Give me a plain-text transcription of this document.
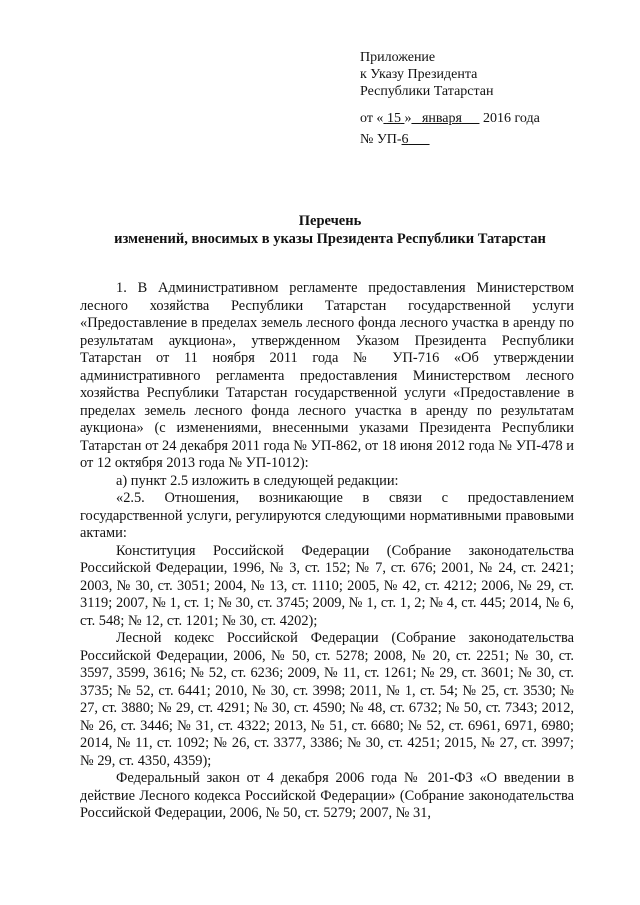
Приложение
к Указу Президента
Республики Татарстан
от « 15 » января 2016 года
№ УП-6
Перечень
изменений, вносимых в указы Президента Республики Татарстан

1. В Административном регламенте предоставления Министерством лесного хозяйства Республики Татарстан государственной услуги «Предоставление в пределах земель лесного фонда лесного участка в аренду по результатам аукциона», утвержденном Указом Президента Республики Татарстан от 11 ноября 2011 года № УП-716 «Об утверждении административного регламента предоставления Министерством лесного хозяйства Республики Татарстан государственной услуги «Предоставление в пределах земель лесного фонда лесного участка в аренду по результатам аукциона» (с изменениями, внесенными указами Президента Республики Татарстан от 24 декабря 2011 года № УП-862, от 18 июня 2012 года № УП-478 и от 12 октября 2013 года № УП-1012):

а) пункт 2.5 изложить в следующей редакции:

«2.5. Отношения, возникающие в связи с предоставлением государственной услуги, регулируются следующими нормативными правовыми актами:

Конституция Российской Федерации (Собрание законодательства Российской Федерации, 1996, № 3, ст. 152; № 7, ст. 676; 2001, № 24, ст. 2421; 2003, № 30, ст. 3051; 2004, № 13, ст. 1110; 2005, № 42, ст. 4212; 2006, № 29, ст. 3119; 2007, № 1, ст. 1; № 30, ст. 3745; 2009, № 1, ст. 1, 2; № 4, ст. 445; 2014, № 6, ст. 548; № 12, ст. 1201; № 30, ст. 4202);

Лесной кодекс Российской Федерации (Собрание законодательства Российской Федерации, 2006, № 50, ст. 5278; 2008, № 20, ст. 2251; № 30, ст. 3597, 3599, 3616; № 52, ст. 6236; 2009, № 11, ст. 1261; № 29, ст. 3601; № 30, ст. 3735; № 52, ст. 6441; 2010, № 30, ст. 3998; 2011, № 1, ст. 54; № 25, ст. 3530; № 27, ст. 3880; № 29, ст. 4291; № 30, ст. 4590; № 48, ст. 6732; № 50, ст. 7343; 2012, № 26, ст. 3446; № 31, ст. 4322; 2013, № 51, ст. 6680; № 52, ст. 6961, 6971, 6980; 2014, № 11, ст. 1092; № 26, ст. 3377, 3386; № 30, ст. 4251; 2015, № 27, ст. 3997; № 29, ст. 4350, 4359);

Федеральный закон от 4 декабря 2006 года № 201-ФЗ «О введении в действие Лесного кодекса Российской Федерации» (Собрание законодательства Российской Федерации, 2006, № 50, ст. 5279; 2007, № 31,
